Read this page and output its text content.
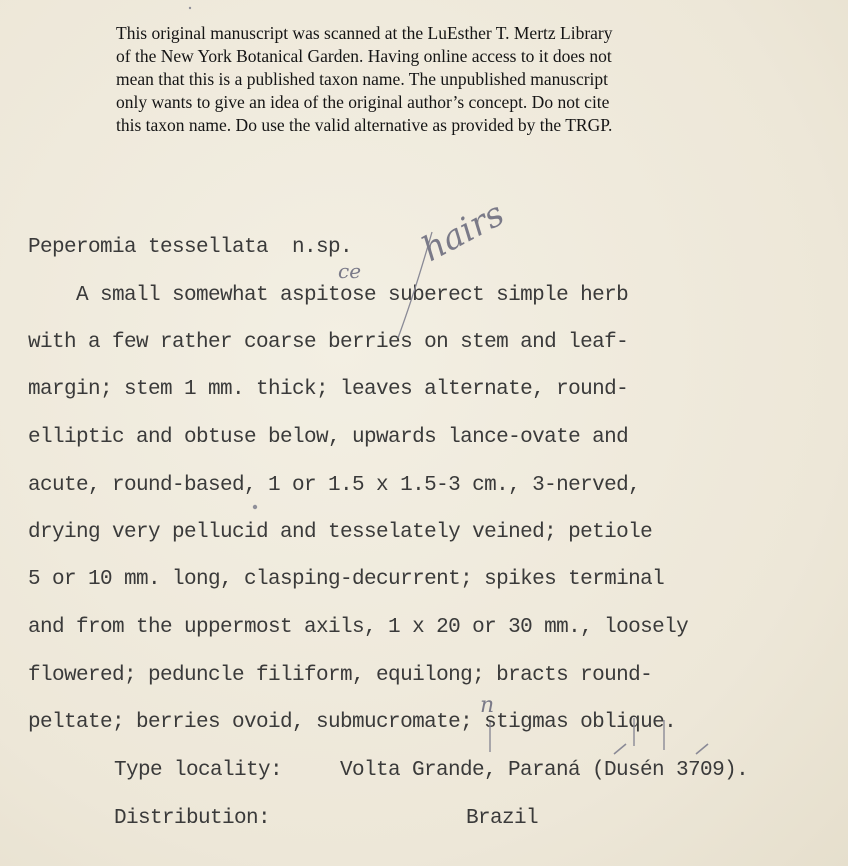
This original manuscript was scanned at the LuEsther T. Mertz Library
of the New York Botanical Garden. Having online access to it does not
mean that this is a published taxon name. The unpublished manuscript
only wants to give an idea of the original author’s concept. Do not cite
this taxon name. Do use the valid alternative as provided by the TRGP.
Peperomia tessellata  n.sp.
A small somewhat aspitose suberect simple herb
with a few rather coarse berries on stem and leaf-
margin; stem 1 mm. thick; leaves alternate, round-
elliptic and obtuse below, upwards lance-ovate and
acute, round-based, 1 or 1.5 x 1.5-3 cm., 3-nerved,
drying very pellucid and tesselately veined; petiole
5 or 10 mm. long, clasping-decurrent; spikes terminal
and from the uppermost axils, 1 x 20 or 30 mm., loosely
flowered; peduncle filiform, equilong; bracts round-
peltate; berries ovoid, submucromate; stigmas oblique.
Type locality:	Volta Grande, Paraná (Dusén 3709).
Distribution:	Brazil
hairs
ce
n
